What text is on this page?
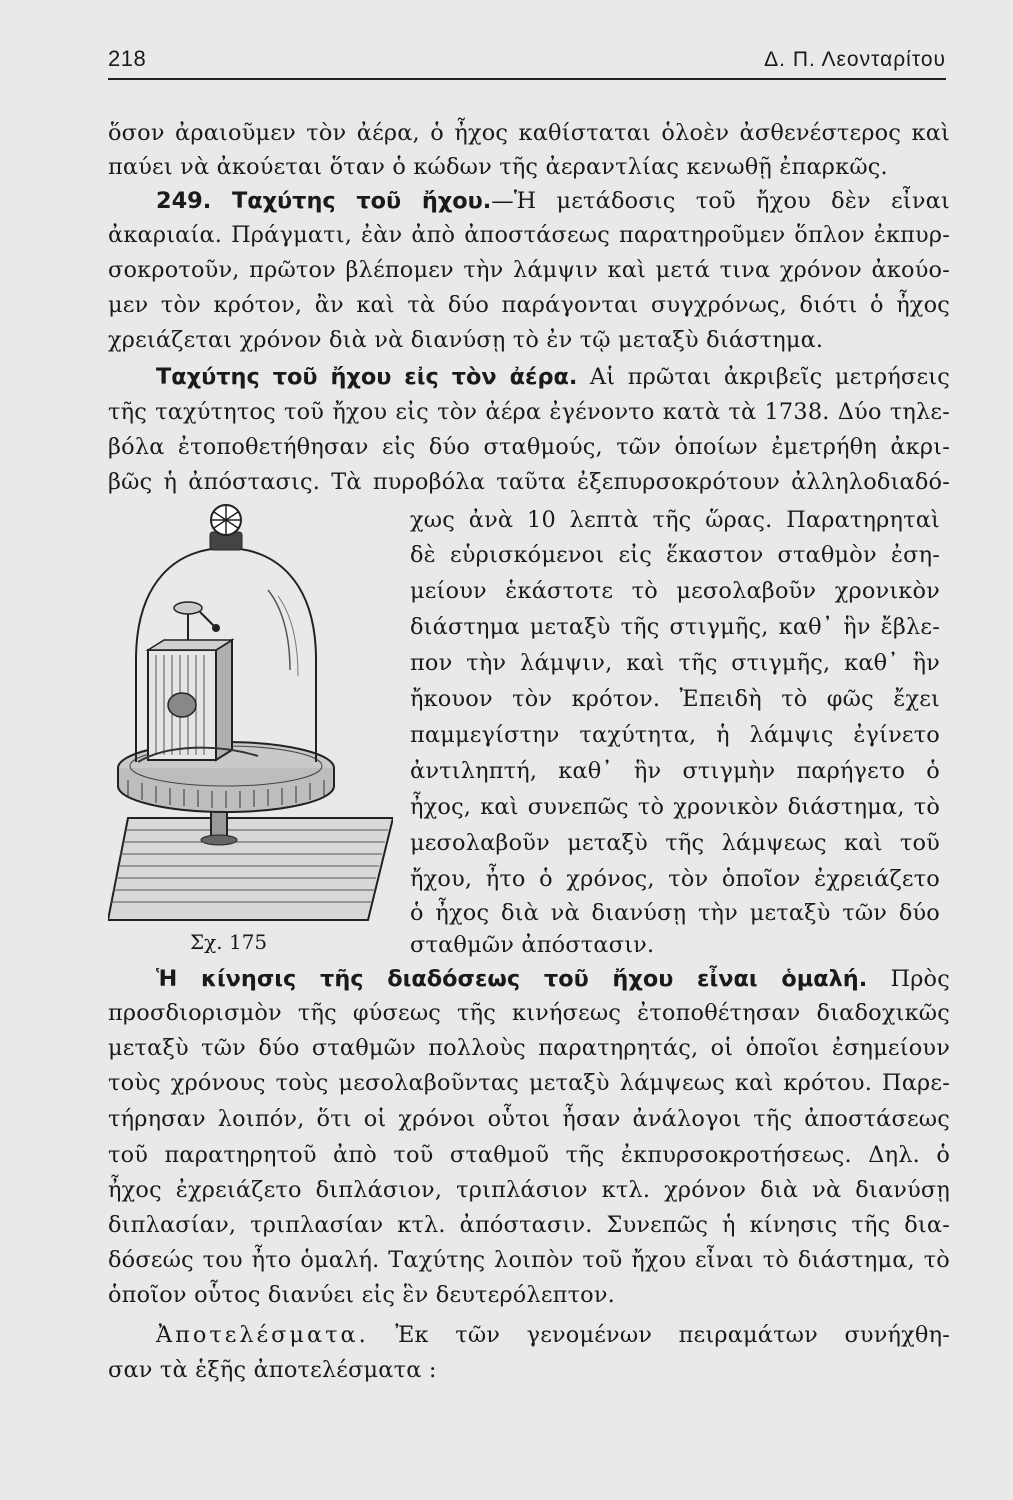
218	Δ. Π. Λεονταρίτου
ὅσον ἀραιοῦμεν τὸν ἀέρα, ὁ ἦχος καθίσταται ὁλοὲν ἀσθενέστερος καὶ
παύει νὰ ἀκούεται ὅταν ὁ κώδων τῆς ἀεραντλίας κενωθῇ ἐπαρκῶς.
249. Ταχύτης τοῦ ἤχου.—Ἡ μετάδοσις τοῦ ἤχου δὲν εἶναι
ἀκαριαία. Πράγματι, ἐὰν ἀπὸ ἀποστάσεως παρατηροῦμεν ὅπλον ἐκπυρ-
σοκροτοῦν, πρῶτον βλέπομεν τὴν λάμψιν καὶ μετά τινα χρόνον ἀκούο-
μεν τὸν κρότον, ἂν καὶ τὰ δύο παράγονται συγχρόνως, διότι ὁ ἦχος
χρειάζεται χρόνον διὰ νὰ διανύσῃ τὸ ἐν τῷ μεταξὺ διάστημα.
Ταχύτης τοῦ ἤχου εἰς τὸν ἀέρα. Αἱ πρῶται ἀκριβεῖς μετρήσεις
τῆς ταχύτητος τοῦ ἤχου εἰς τὸν ἀέρα ἐγένοντο κατὰ τὰ 1738. Δύο τηλε-
βόλα ἐτοποθετήθησαν εἰς δύο σταθμούς, τῶν ὁποίων ἐμετρήθη ἀκρι-
βῶς ἡ ἀπόστασις. Τὰ πυροβόλα ταῦτα ἐξεπυρσοκρότουν ἀλληλοδιαδό-
χως ἀνὰ 10 λεπτὰ τῆς ὥρας. Παρατηρηταὶ
δὲ εὑρισκόμενοι εἰς ἕκαστον σταθμὸν ἐση-
μείουν ἑκάστοτε τὸ μεσολαβοῦν χρονικὸν
διάστημα μεταξὺ τῆς στιγμῆς, καθ᾽ ἣν ἔβλε-
πον τὴν λάμψιν, καὶ τῆς στιγμῆς, καθ᾽ ἣν
ἤκουον τὸν κρότον. Ἐπειδὴ τὸ φῶς ἔχει
παμμεγίστην ταχύτητα, ἡ λάμψις ἐγίνετο
ἀντιληπτή, καθ᾽ ἣν στιγμὴν παρήγετο ὁ
ἦχος, καὶ συνεπῶς τὸ χρονικὸν διάστημα, τὸ
μεσολαβοῦν μεταξὺ τῆς λάμψεως καὶ τοῦ
ἤχου, ἦτο ὁ χρόνος, τὸν ὁποῖον ἐχρειάζετο
ὁ ἦχος διὰ νὰ διανύσῃ τὴν μεταξὺ τῶν δύο
σταθμῶν ἀπόστασιν.
Σχ. 175
Ἡ κίνησις τῆς διαδόσεως τοῦ ἤχου εἶναι ὁμαλή. Πρὸς
προσδιορισμὸν τῆς φύσεως τῆς κινήσεως ἐτοποθέτησαν διαδοχικῶς
μεταξὺ τῶν δύο σταθμῶν πολλοὺς παρατηρητάς, οἱ ὁποῖοι ἐσημείουν
τοὺς χρόνους τοὺς μεσολαβοῦντας μεταξὺ λάμψεως καὶ κρότου. Παρε-
τήρησαν λοιπόν, ὅτι οἱ χρόνοι οὗτοι ἦσαν ἀνάλογοι τῆς ἀποστάσεως
τοῦ παρατηρητοῦ ἀπὸ τοῦ σταθμοῦ τῆς ἐκπυρσοκροτήσεως. Δηλ. ὁ
ἦχος ἐχρειάζετο διπλάσιον, τριπλάσιον κτλ. χρόνον διὰ νὰ διανύσῃ
διπλασίαν, τριπλασίαν κτλ. ἀπόστασιν. Συνεπῶς ἡ κίνησις τῆς δια-
δόσεώς του ἦτο ὁμαλή. Ταχύτης λοιπὸν τοῦ ἤχου εἶναι τὸ διάστημα, τὸ
ὁποῖον οὗτος διανύει εἰς ἓν δευτερόλεπτον.
Ἀποτελέσματα. Ἐκ τῶν γενομένων πειραμάτων συνήχθη-
σαν τὰ ἑξῆς ἀποτελέσματα :
